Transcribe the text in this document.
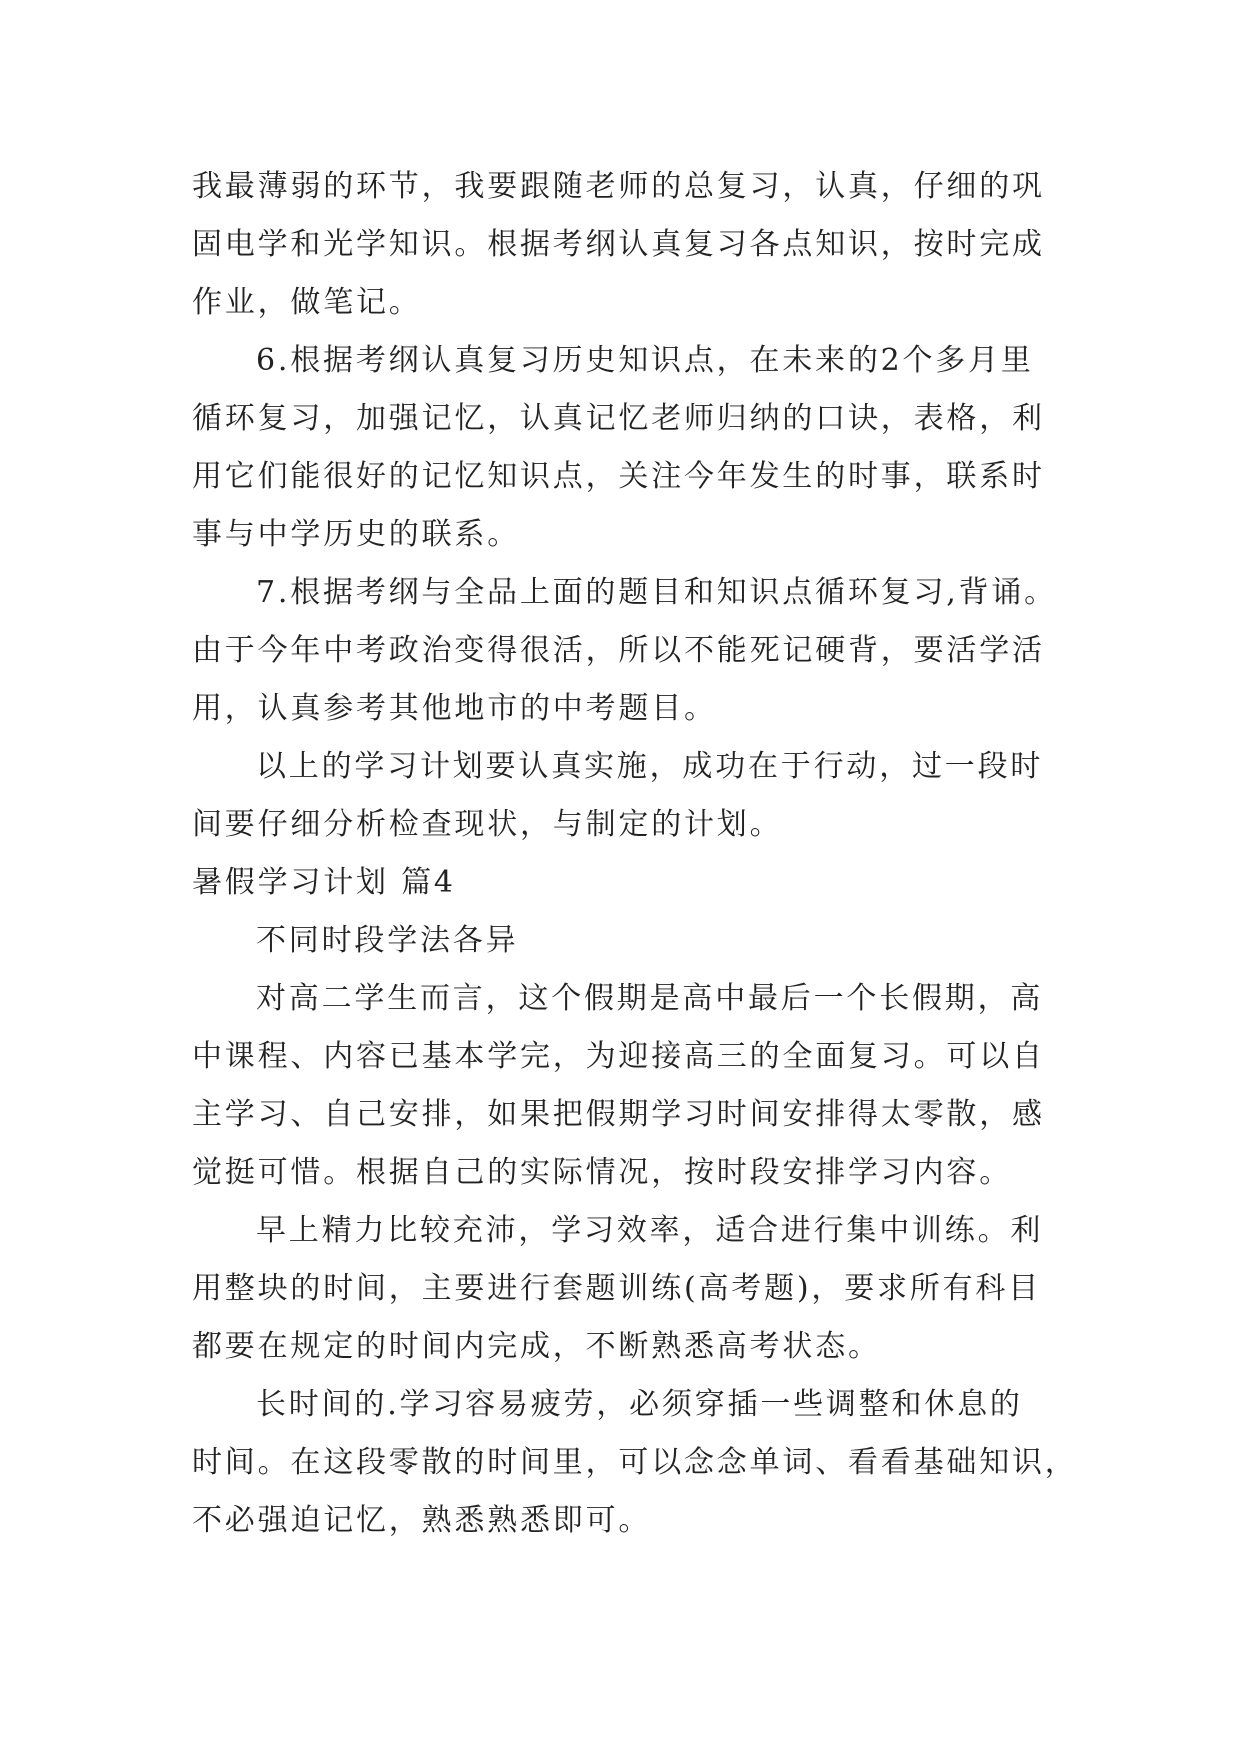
我最薄弱的环节，我要跟随老师的总复习，认真，仔细的巩
固电学和光学知识。根据考纲认真复习各点知识，按时完成
作业，做笔记。
6.根据考纲认真复习历史知识点，在未来的2个多月里
循环复习，加强记忆，认真记忆老师归纳的口诀，表格，利
用它们能很好的记忆知识点，关注今年发生的时事，联系时
事与中学历史的联系。
7.根据考纲与全品上面的题目和知识点循环复习,背诵。
由于今年中考政治变得很活，所以不能死记硬背，要活学活
用，认真参考其他地市的中考题目。
以上的学习计划要认真实施，成功在于行动，过一段时
间要仔细分析检查现状，与制定的计划。
暑假学习计划 篇4
不同时段学法各异
对高二学生而言，这个假期是高中最后一个长假期，高
中课程、内容已基本学完，为迎接高三的全面复习。可以自
主学习、自己安排，如果把假期学习时间安排得太零散，感
觉挺可惜。根据自己的实际情况，按时段安排学习内容。
早上精力比较充沛，学习效率，适合进行集中训练。利
用整块的时间，主要进行套题训练(高考题)，要求所有科目
都要在规定的时间内完成，不断熟悉高考状态。
长时间的.学习容易疲劳，必须穿插一些调整和休息的
时间。在这段零散的时间里，可以念念单词、看看基础知识，
不必强迫记忆，熟悉熟悉即可。
